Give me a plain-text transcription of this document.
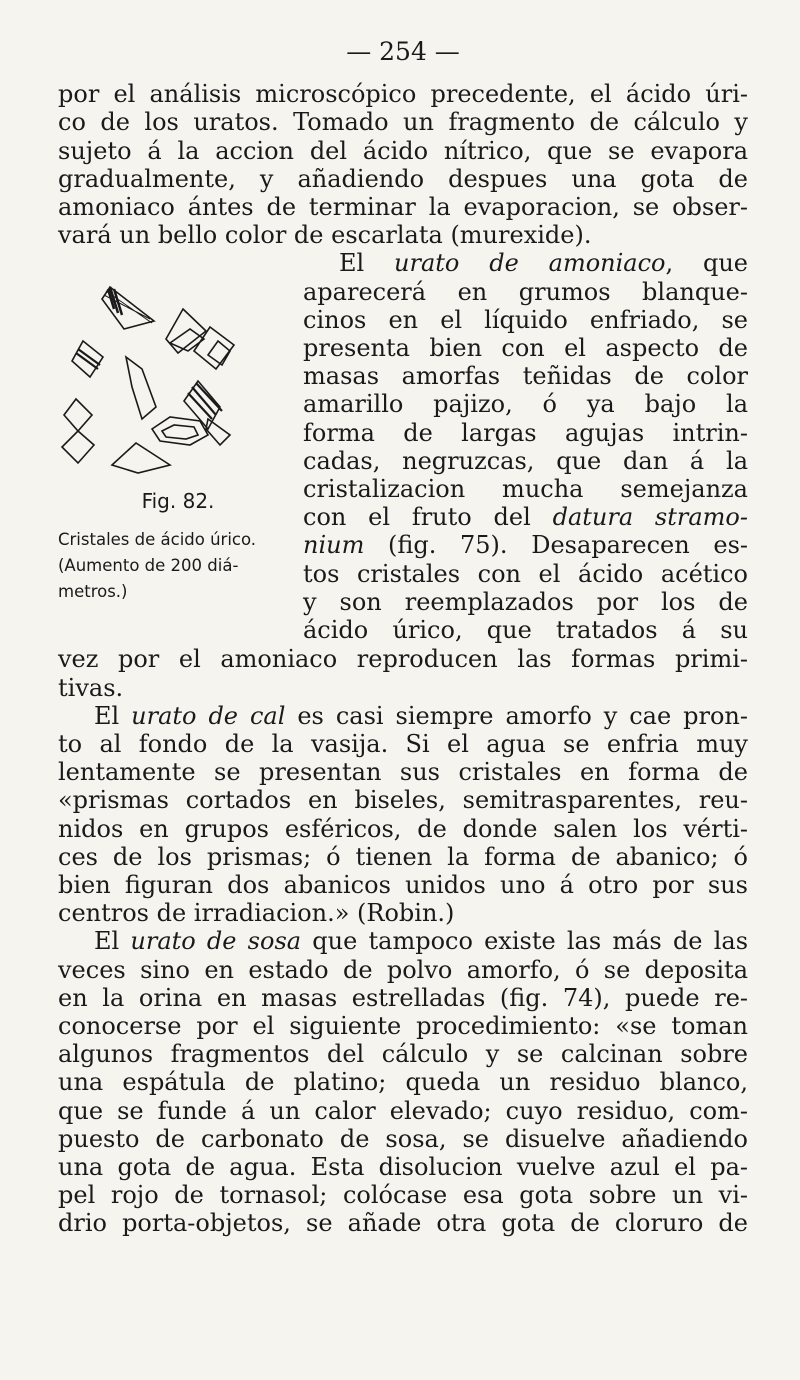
— 254 —
por el análisis microscópico precedente, el ácido úri-
co de los uratos. Tomado un fragmento de cálculo y
sujeto á la accion del ácido nítrico, que se evapora
gradualmente, y añadiendo despues una gota de
amoniaco ántes de terminar la evaporacion, se obser-
vará un bello color de escarlata (murexide).
Fig. 82.
Cristales de ácido úrico.
(Aumento de 200 diá-
metros.)
El urato de amoniaco, que
aparecerá en grumos blanque-
cinos en el líquido enfriado, se
presenta bien con el aspecto de
masas amorfas teñidas de color
amarillo pajizo, ó ya bajo la
forma de largas agujas intrin-
cadas, negruzcas, que dan á la
cristalizacion mucha semejanza
con el fruto del datura stramo-
nium (fig. 75). Desaparecen es-
tos cristales con el ácido acético
y son reemplazados por los de
ácido úrico, que tratados á su
vez por el amoniaco reproducen las formas primi-
tivas.
El urato de cal es casi siempre amorfo y cae pron-
to al fondo de la vasija. Si el agua se enfria muy
lentamente se presentan sus cristales en forma de
«prismas cortados en biseles, semitrasparentes, reu-
nidos en grupos esféricos, de donde salen los vérti-
ces de los prismas; ó tienen la forma de abanico; ó
bien figuran dos abanicos unidos uno á otro por sus
centros de irradiacion.» (Robin.)
El urato de sosa que tampoco existe las más de las
veces sino en estado de polvo amorfo, ó se deposita
en la orina en masas estrelladas (fig. 74), puede re-
conocerse por el siguiente procedimiento: «se toman
algunos fragmentos del cálculo y se calcinan sobre
una espátula de platino; queda un residuo blanco,
que se funde á un calor elevado; cuyo residuo, com-
puesto de carbonato de sosa, se disuelve añadiendo
una gota de agua. Esta disolucion vuelve azul el pa-
pel rojo de tornasol; colócase esa gota sobre un vi-
drio porta-objetos, se añade otra gota de cloruro de
